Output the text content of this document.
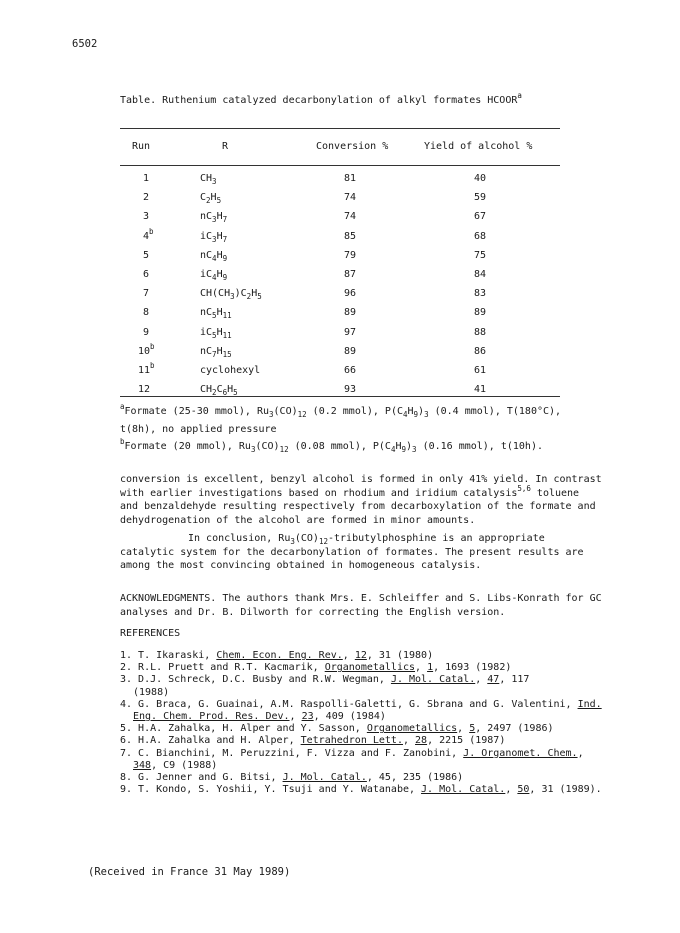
6502
Table. Ruthenium catalyzed decarbonylation of alkyl formates HCOOR$^a$
Run	R	Conversion %	Yield of alcohol %
1	$CH_3$	81	40
2	$C_2H_5$	74	59
3	$nC_3H_7$	74	67
4$^b$	$iC_3H_7$	85	68
5	$nC_4H_9$	79	75
6	$iC_4H_9$	87	84
7	$CH(CH_3)C_2H_5$	96	83
8	$nC_5H_{11}$	89	89
9	$iC_5H_{11}$	97	88
10$^b$	$nC_7H_{15}$	89	86
11$^b$	cyclohexyl	66	61
12	$CH_2C_6H_5$	93	41
$^a$Formate (25-30 mmol), $Ru_3(CO)_{12}$ (0.2 mmol), $P(C_4H_9)_3$ (0.4 mmol), T(180°C),
t(8h), no applied pressure
$^b$Formate (20 mmol), $Ru_3(CO)_{12}$ (0.08 mmol), $P(C_4H_9)_3$ (0.16 mmol), t(10h).
conversion is excellent, benzyl alcohol is formed in only 41% yield. In contrast
with earlier investigations based on rhodium and iridium catalysis$^{5,6}$ toluene
and benzaldehyde resulting respectively from decarboxylation of the formate and
dehydrogenation of the alcohol are formed in minor amounts.
In conclusion, $Ru_3(CO)_{12}$-tributylphosphine is an appropriate
catalytic system for the decarbonylation of formates. The present results are
among the most convincing obtained in homogeneous catalysis.
ACKNOWLEDGMENTS. The authors thank Mrs. E. Schleiffer and S. Libs-Konrath for GC
analyses and Dr. B. Dilworth for correcting the English version.
REFERENCES
1. T. Ikaraski, Chem. Econ. Eng. Rev., 12, 31 (1980)
2. R.L. Pruett and R.T. Kacmarik, Organometallics, 1, 1693 (1982)
3. D.J. Schreck, D.C. Busby and R.W. Wegman, J. Mol. Catal., 47, 117
(1988)
4. G. Braca, G. Guainai, A.M. Raspolli-Galetti, G. Sbrana and G. Valentini, Ind.
Eng. Chem. Prod. Res. Dev., 23, 409 (1984)
5. H.A. Zahalka, H. Alper and Y. Sasson, Organometallics, 5, 2497 (1986)
6. H.A. Zahalka and H. Alper, Tetrahedron Lett., 28, 2215 (1987)
7. C. Bianchini, M. Peruzzini, F. Vizza and F. Zanobini, J. Organomet. Chem.,
348, C9 (1988)
8. G. Jenner and G. Bitsi, J. Mol. Catal., 45, 235 (1986)
9. T. Kondo, S. Yoshii, Y. Tsuji and Y. Watanabe, J. Mol. Catal., 50, 31 (1989).
(Received in France 31 May 1989)
